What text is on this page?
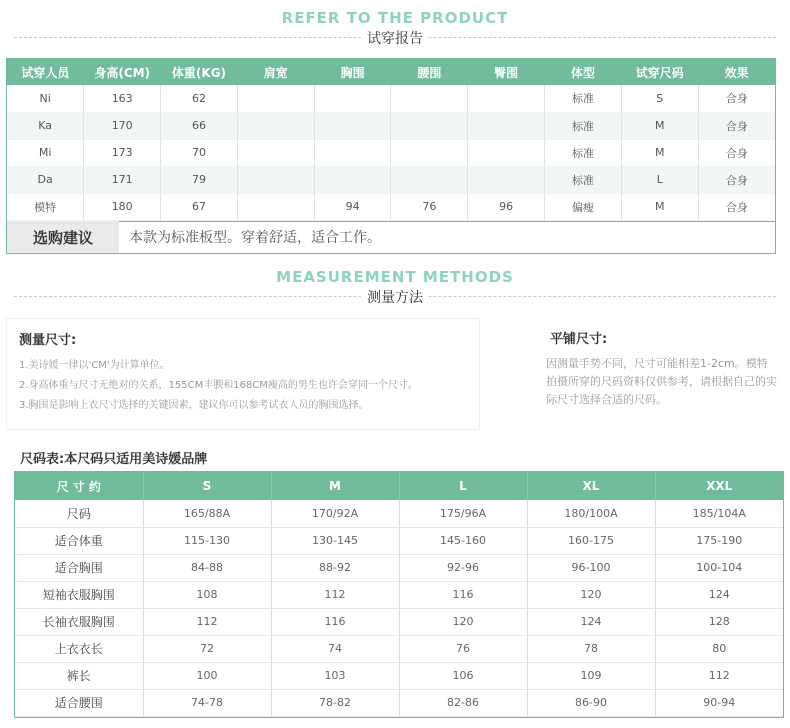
REFER TO THE PRODUCT
试穿报告
试穿人员	身高(CM)	体重(KG)	肩宽	胸围	腰围	臀围	体型	试穿尺码	效果
Ni	163	62					标准	S	合身
Ka	170	66					标准	M	合身
Mi	173	70					标准	M	合身
Da	171	79					标准	L	合身
模特	180	67		94	76	96	偏瘦	M	合身
选购建议	本款为标准板型。穿着舒适，适合工作。
MEASUREMENT METHODS
测量方法
测量尺寸:
1.美诗媛一律以'CM'为计算单位。
2.身高体重与尺寸无绝对的关系，155CM丰腴和168CM瘦高的男生也许会穿同一个尺寸。
3.胸围是影响上衣尺寸选择的关键因素，建议你可以参考试衣人员的胸围选择。
平铺尺寸:
因测量手势不同，尺寸可能相差1-2cm。模特拍摄所穿的尺码资料仅供参考，请根据自己的实际尺寸选择合适的尺码。
尺码表:本尺码只适用美诗媛品牌
尺 寸 约	S	M	L	XL	XXL
尺码	165/88A	170/92A	175/96A	180/100A	185/104A
适合体重	115-130	130-145	145-160	160-175	175-190
适合胸围	84-88	88-92	92-96	96-100	100-104
短袖衣服胸围	108	112	116	120	124
长袖衣服胸围	112	116	120	124	128
上衣衣长	72	74	76	78	80
裤长	100	103	106	109	112
适合腰围	74-78	78-82	82-86	86-90	90-94
